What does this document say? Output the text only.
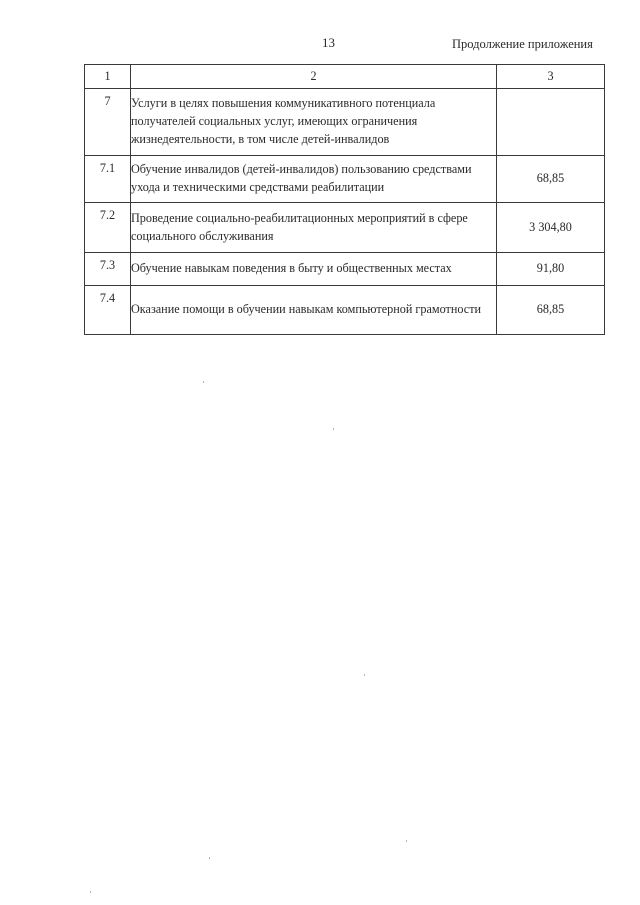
13	Продолжение приложения
1	2	3
7	Услуги в целях повышения коммуникативного потенциала получателей социальных услуг, имеющих ограничения жизнедеятельности, в том числе детей-инвалидов	
7.1	Обучение инвалидов (детей-инвалидов) пользованию средствами ухода и техническими средствами реабилитации	68,85
7.2	Проведение социально-реабилитационных мероприятий в сфере социального обслуживания	3 304,80
7.3	Обучение навыкам поведения в быту и общественных местах	91,80
7.4	Оказание помощи в обучении навыкам компьютерной грамотности	68,85
